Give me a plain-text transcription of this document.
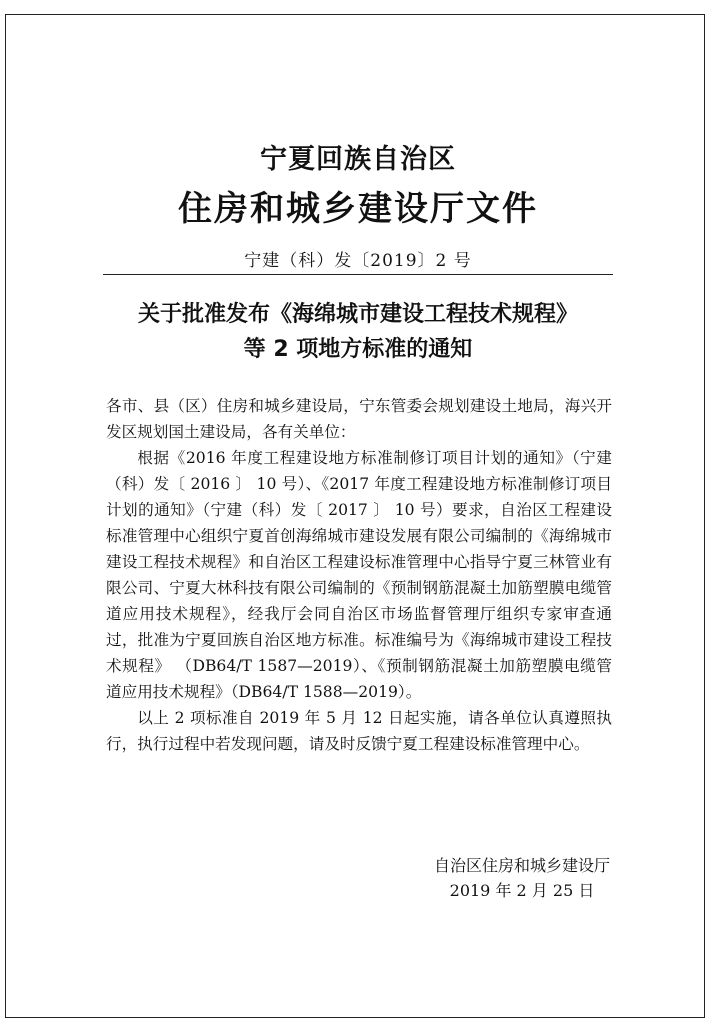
宁夏回族自治区
住房和城乡建设厅文件
宁建（科）发〔2019〕2 号
关于批准发布《海绵城市建设工程技术规程》
等 2 项地方标准的通知

各市、县（区）住房和城乡建设局，宁东管委会规划建设土地局，海兴开发区规划国土建设局，各有关单位：

根据《2016 年度工程建设地方标准制修订项目计划的通知》（宁建（科）发〔 2016 〕 10 号）、《2017 年度工程建设地方标准制修订项目计划的通知》（宁建（科）发〔 2017 〕 10 号）要求，自治区工程建设标准管理中心组织宁夏首创海绵城市建设发展有限公司编制的《海绵城市建设工程技术规程》和自治区工程建设标准管理中心指导宁夏三林管业有限公司、宁夏大林科技有限公司编制的《预制钢筋混凝土加筋塑膜电缆管道应用技术规程》，经我厅会同自治区市场监督管理厅组织专家审查通过，批准为宁夏回族自治区地方标准。标准编号为《海绵城市建设工程技术规程》 （DB64/T 1587—2019）、《预制钢筋混凝土加筋塑膜电缆管道应用技术规程》（DB64/T 1588—2019）。

以上 2 项标准自 2019 年 5 月 12 日起实施，请各单位认真遵照执行，执行过程中若发现问题，请及时反馈宁夏工程建设标准管理中心。

自治区住房和城乡建设厅
2019 年 2 月 25 日
